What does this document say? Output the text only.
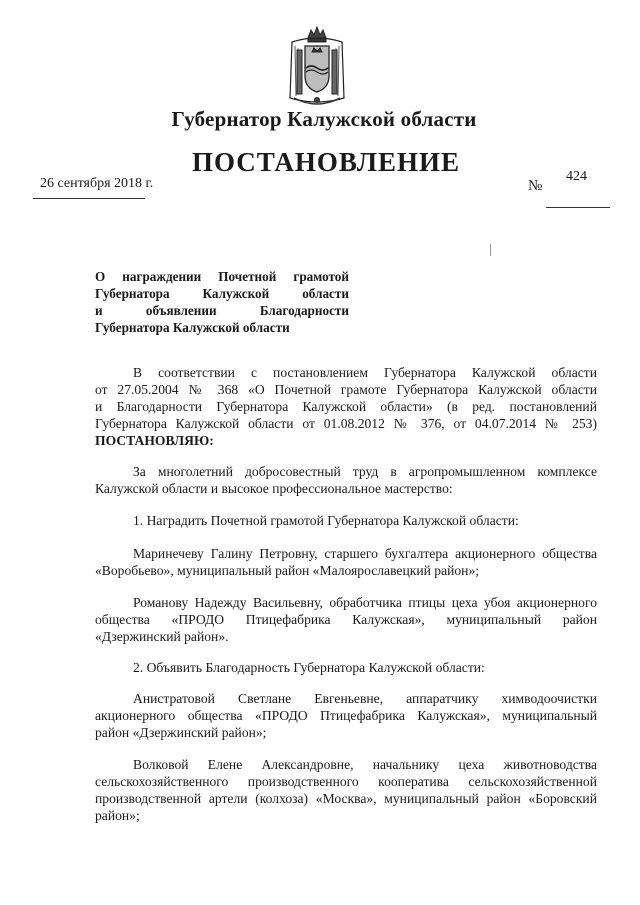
Губернатор Калужской области
ПОСТАНОВЛЕНИЕ
26 сентября 2018 г.	№
424
О награждении Почетной грамотой
Губернатора Калужской области
и объявлении Благодарности
Губернатора Калужской области
В соответствии с постановлением Губернатора Калужской области
от 27.05.2004 № 368 «О Почетной грамоте Губернатора Калужской области
и Благодарности Губернатора Калужской области» (в ред. постановлений
Губернатора Калужской области от 01.08.2012 № 376, от 04.07.2014 № 253)
ПОСТАНОВЛЯЮ:
За многолетний добросовестный труд в агропромышленном комплексе
Калужской области и высокое профессиональное мастерство:
1. Наградить Почетной грамотой Губернатора Калужской области:
Маринечеву Галину Петровну, старшего бухгалтера акционерного общества
«Воробьево», муниципальный район «Малоярославецкий район»;
Романову Надежду Васильевну, обработчика птицы цеха убоя акционерного
общества «ПРОДО Птицефабрика Калужская», муниципальный район
«Дзержинский район».
2. Объявить Благодарность Губернатора Калужской области:
Анистратовой Светлане Евгеньевне, аппаратчику химводоочистки
акционерного общества «ПРОДО Птицефабрика Калужская», муниципальный
район «Дзержинский район»;
Волковой Елене Александровне, начальнику цеха животноводства
сельскохозяйственного производственного кооператива сельскохозяйственной
производственной артели (колхоза) «Москва», муниципальный район «Боровский
район»;
